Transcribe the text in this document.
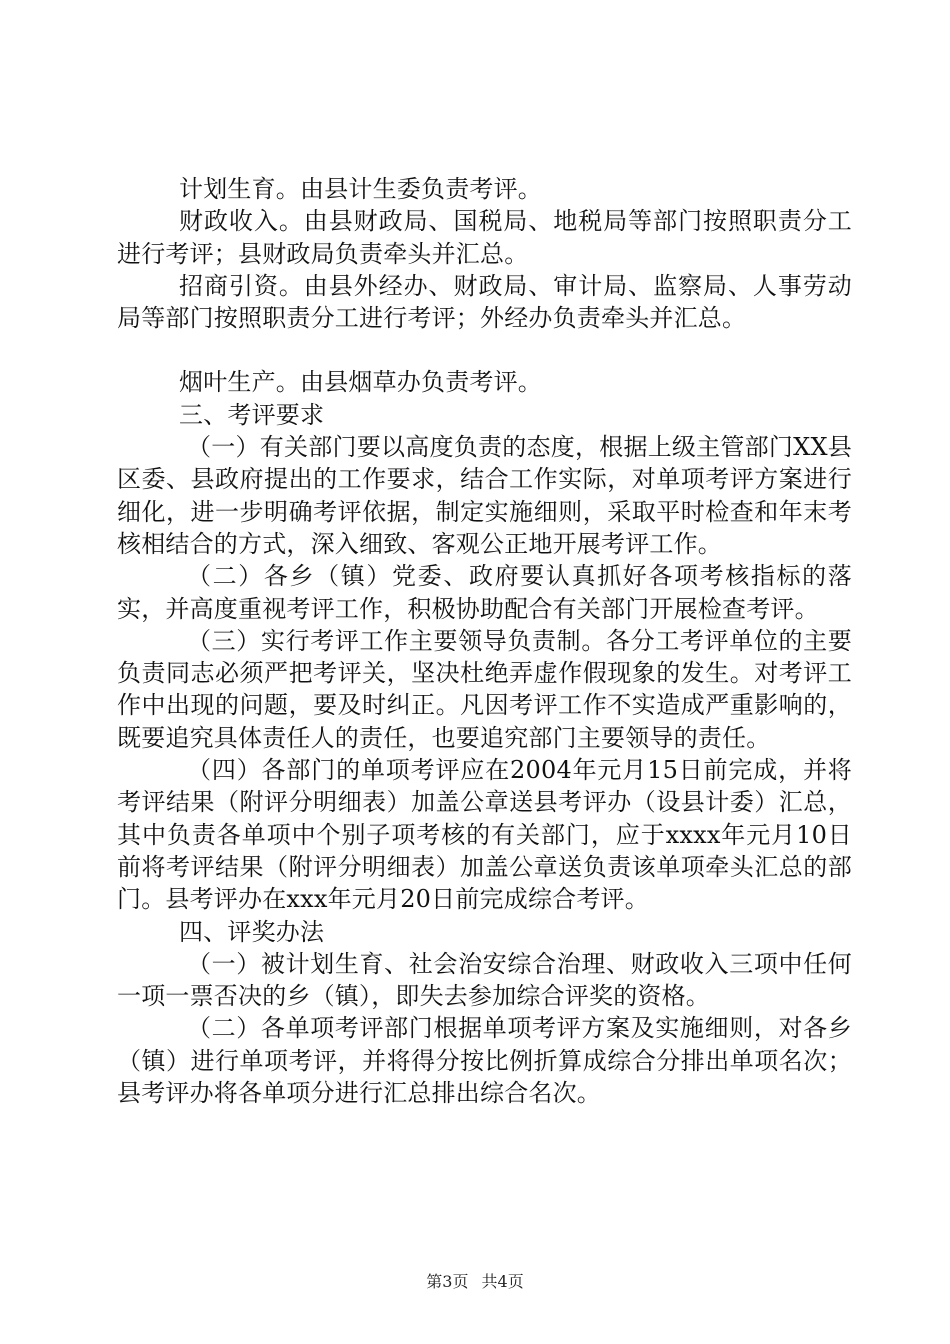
计划生育。由县计生委负责考评。

财政收入。由县财政局、国税局、地税局等部门按照职责分工进行考评；县财政局负责牵头并汇总。

招商引资。由县外经办、财政局、审计局、监察局、人事劳动局等部门按照职责分工进行考评；外经办负责牵头并汇总。

烟叶生产。由县烟草办负责考评。

三、考评要求

（一）有关部门要以高度负责的态度，根据上级主管部门XX县区委、县政府提出的工作要求，结合工作实际，对单项考评方案进行细化，进一步明确考评依据，制定实施细则，采取平时检查和年末考核相结合的方式，深入细致、客观公正地开展考评工作。

（二）各乡（镇）党委、政府要认真抓好各项考核指标的落实，并高度重视考评工作，积极协助配合有关部门开展检查考评。

（三）实行考评工作主要领导负责制。各分工考评单位的主要负责同志必须严把考评关，坚决杜绝弄虚作假现象的发生。对考评工作中出现的问题，要及时纠正。凡因考评工作不实造成严重影响的，既要追究具体责任人的责任，也要追究部门主要领导的责任。

（四）各部门的单项考评应在2004年元月15日前完成，并将考评结果（附评分明细表）加盖公章送县考评办（设县计委）汇总，其中负责各单项中个别子项考核的有关部门，应于xxxx年元月10日前将考评结果（附评分明细表）加盖公章送负责该单项牵头汇总的部门。县考评办在xxx年元月20日前完成综合考评。

四、评奖办法

（一）被计划生育、社会治安综合治理、财政收入三项中任何一项一票否决的乡（镇），即失去参加综合评奖的资格。

（二）各单项考评部门根据单项考评方案及实施细则，对各乡（镇）进行单项考评，并将得分按比例折算成综合分排出单项名次；县考评办将各单项分进行汇总排出综合名次。

第3页 共4页
